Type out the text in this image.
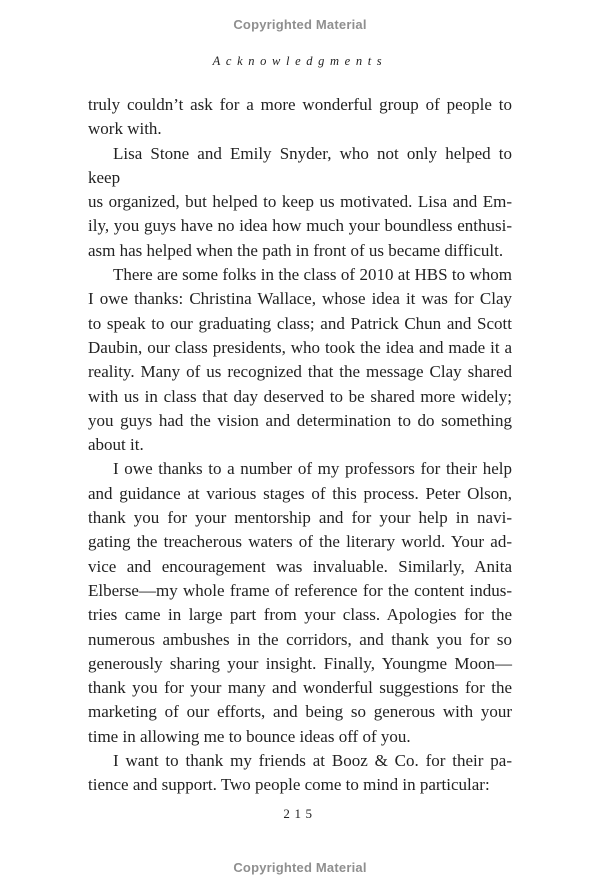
Copyrighted Material
Acknowledgments
truly couldn’t ask for a more wonderful group of people to
work with.
Lisa Stone and Emily Snyder, who not only helped to keep
us organized, but helped to keep us motivated. Lisa and Em-
ily, you guys have no idea how much your boundless enthusi-
asm has helped when the path in front of us became difficult.
There are some folks in the class of 2010 at HBS to whom
I owe thanks: Christina Wallace, whose idea it was for Clay
to speak to our graduating class; and Patrick Chun and Scott
Daubin, our class presidents, who took the idea and made it a
reality. Many of us recognized that the message Clay shared
with us in class that day deserved to be shared more widely;
you guys had the vision and determination to do something
about it.
I owe thanks to a number of my professors for their help
and guidance at various stages of this process. Peter Olson,
thank you for your mentorship and for your help in navi-
gating the treacherous waters of the literary world. Your ad-
vice and encouragement was invaluable. Similarly, Anita
Elberse—my whole frame of reference for the content indus-
tries came in large part from your class. Apologies for the
numerous ambushes in the corridors, and thank you for so
generously sharing your insight. Finally, Youngme Moon—
thank you for your many and wonderful suggestions for the
marketing of our efforts, and being so generous with your
time in allowing me to bounce ideas off of you.
I want to thank my friends at Booz & Co. for their pa-
tience and support. Two people come to mind in particular:
215
Copyrighted Material
